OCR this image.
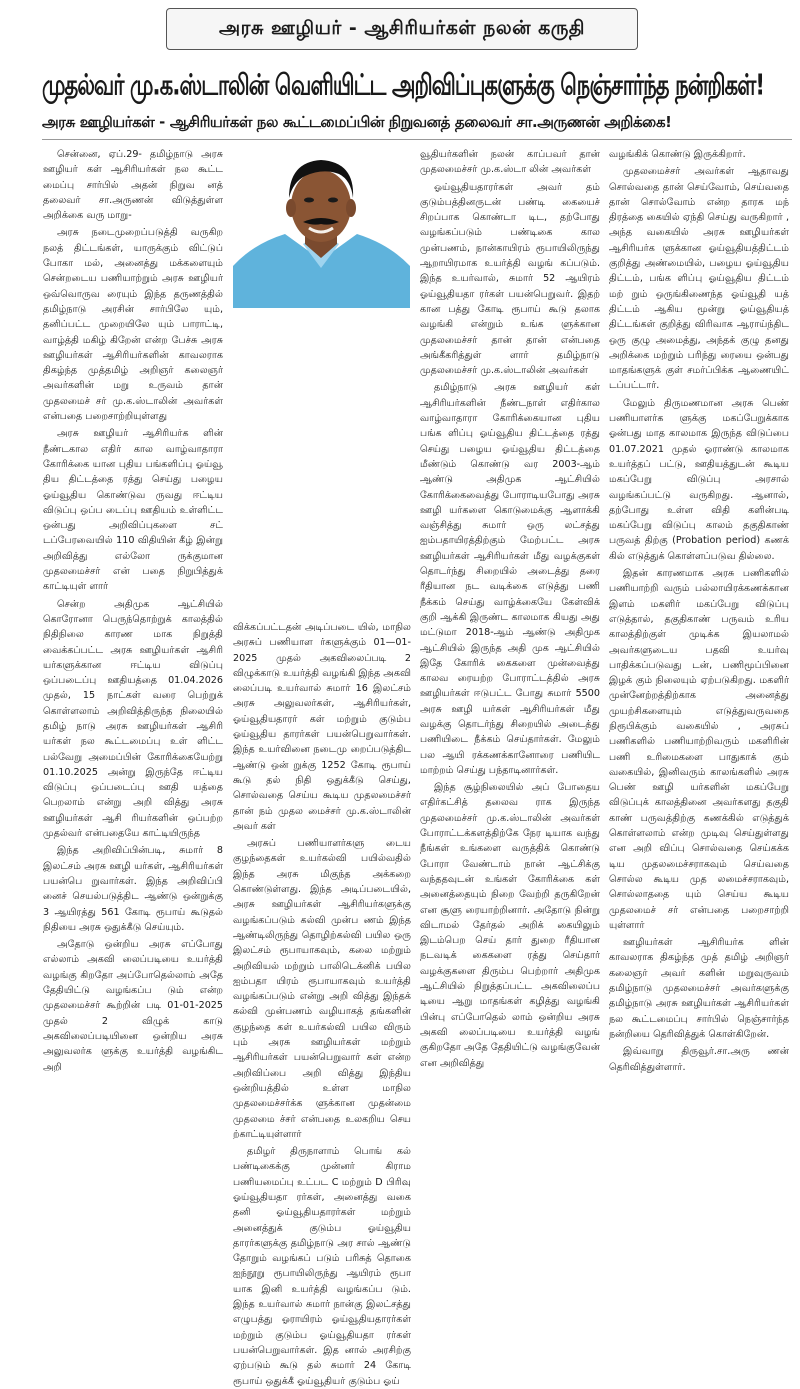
அரசு ஊழியர் - ஆசிரியர்கள் நலன் கருதி
முதல்வர் மு.க.ஸ்டாலின் வெளியிட்ட அறிவிப்புகளுக்கு நெஞ்சார்ந்த நன்றிகள்!
அரசு ஊழியர்கள் - ஆசிரியர்கள் நல கூட்டமைப்பின் நிறுவனத் தலைவர் சா.அருணன் அறிக்கை!

சென்னை, ஏப்.29- தமிழ்நாடு அரசு ஊழியர் கள் ஆசிரியர்கள் நல கூட்ட மைப்பு சார்பில் அதன் நிறுவ னத் தலைவர் சா.அருணன் விடுத்துள்ள அறிக்கை வரு மாறு-

அரசு நடைமுறைப்படுத்தி வருகிற நலத் திட்டங்கள், யாருக்கும் விட்டுப் போகா மல், அனைத்து மக்களையும் சென்றடைய பணியாற்றும் அரசு ஊழியர் ஒவ்வொருவ ரையும் இந்த தருணத்தில் தமிழ்நாடு அரசின் சார்பிலே யும், தனிப்பட்ட முறையிலே யும் பாராட்டி, வாழ்த்தி மகிழ் கிறேன் என்ற பேச்சு அரசு ஊழியர்கள் ஆசிரியர்களின் காவலராக திகழ்ந்த முத்தமிழ் அறிஞர் கலைஞர் அவர்களின் மறு உருவம் தான் முதலமைச் சர் மு.க.ஸ்டாலின் அவர்கள் என்பதை பறைசாற்றியுள்ளது

அரசு ஊழியர் ஆசிரியர்க ளின் நீண்டகால எதிர் கால வாழ்வாதாரா கோரிக்கை யான புதிய பங்களிப்பு ஓய்வூ திய திட்டத்தை ரத்து செய்து பழைய ஓய்வூதிய கொண்டுவ ருவது ஈட்டிய விடுப்பு ஒப்ப டைப்பு ஊதியம் உள்ளிட்ட ஒன்பது அறிவிப்புகளை சட் டப்பேரவையில் 110 விதியின் கீழ் இன்று அறிவித்து எல்லோ ருக்குமான முதலமைச்சர் என் பதை நிறுபித்துக் காட்டியுள் ளார்

சென்ற அதிமுக ஆட்சியில் கொரோனா பெருந்தொற்றுக் காலத்தில் நிதிநிலை காரண மாக நிறுத்தி வைக்கப்பட்ட அரசு ஊழியர்கள் ஆசிரி யர்களுக்கான ஈட்டிய விடுப்பு ஒப்படைப்பு ஊதியத்தை 01.04.2026 முதல், 15 நாட்கள் வரை பெற்றுக் கொள்ளலாம் அறிவித்திருந்த நிலையில் தமிழ் நாடு அரசு ஊழியர்கள் ஆசிரி யர்கள் நல கூட்டமைப்பு உள் ளிட்ட பல்வேறு அமைப்பின் கோரிக்கையேற்று 01.10.2025 அன்று இருந்தே ஈட்டிய விடுப்பு ஒப்படைப்பு ஊதி யத்தை பெறலாம் என்று அறி வித்து அரசு ஊழியர்கள் ஆசி ரியர்களின் ஒப்பற்ற முதல்வர் என்பதையே காட்டியிருந்த

இந்த அறிவிப்பின்படி, சுமார் 8 இலட்சம் அரசு ஊழி யர்கள், ஆசிரியர்கள் பயன்பெ றுவார்கள். இந்த அறிவிப்பி னைச் செயல்படுத்திட ஆண்டு ஒன்றுக்கு 3 ஆயிரத்து 561 கோடி ரூபாய் கூடுதல் நிதியை அரசு ஒதுக்கீடு செய்யும்.

அதோடு ஒன்றிய அரசு எப்போது எல்லாம் அகவி லைப்படியை உயர்த்தி வழங்கு கிறதோ அப்போதெல்லாம் அதே தேதியிட்டு வழங்கப்ப டும் என்ற முதலமைச்சர் கூற்றின் படி 01-01-2025 முதல் 2 விழுக் காடு அகவிலைப்படியினை ஒன்றிய அரசு அலுவலர்க ளுக்கு உயர்த்தி வழங்கிட அறி

விக்கப்பட்டதன் அடிப்படை யில், மாநில அரசுப் பணியாள ர்களுக்கும் 01—01-2025 முதல் அகவிலைப்படி 2 விழுக்காடு உயர்த்தி வழங்கி இந்த அகவி லைப்படி உயர்வால் சுமார் 16 இலட்சம் அரசு அலுவலர்கள், ஆசிரியர்கள், ஓய்வூதியதாரர் கள் மற்றும் குடும்ப ஓய்வூதிய தாரர்கள் பயன்பெறுவார்கள். இந்த உயர்வினை நடைமு றைப்படுத்திட ஆண்டு ஒன் றுக்கு 1252 கோடி ரூபாய் கூடு தல் நிதி ஒதுக்கீடு செய்து, சொல்வதை செய்ய கூடிய முதலமைச்சர் தான் நம் முதல மைச்சர் மு.க.ஸ்டாலின் அவர் கள்

அரசுப் பணியாளர்களு டைய குழந்தைகள் உயர்கல்வி பயில்வதில் இந்த அரசு மிகுந்த அக்கறை கொண்டுள்ளது. இந்த அடிப்படையில், அரசு ஊழியர்கள் ஆசிரியர்களுக்கு வழங்கப்படும் கல்வி முன்ப ணம் இந்த ஆண்டிலிருந்து தொழிற்கல்வி பயில ஒரு இலட்சம் ரூபாயாகவும், கலை மற்றும் அறிவியல் மற்றும் பாலிடெக்னிக் பயில ஐம்பதா யிரம் ரூபாயாகவும் உயர்த்தி வழங்கப்படும் என்று அறி வித்து இந்தக் கல்வி முன்பணம் வழியாகத் தங்களின் குழந்தை கள் உயர்கல்வி பயில விரும் பும் அரசு ஊழியர்கள் மற்றும் ஆசிரியர்கள் பயன்பெறுவார் கள் என்ற அறிவிப்பை அறி வித்து இந்திய ஒன்றியத்தில் உள்ள மாநில முதலமைச்சர்க்க ளுக்கான முதன்மை முதலமை ச்சர் என்பதை உலகறிய செய ற்காட்டியுள்ளார்

தமிழர் திருநாளாம் பொங் கல் பண்டிகைக்கு முன்னர் கிராம பணியமைப்பு உட்பட C மற்றும் D பிரிவு ஓய்வூதியதா ரர்கள், அனைத்து வகை தனி ஓய்வூதியதாரர்கள் மற்றும் அனைத்துக் குடும்ப ஓய்வூதிய தாரர்களுக்கு தமிழ்நாடு அர சால் ஆண்டு தோறும் வழங்கப் படும் பரிசுத் தொகை ஐந்நூறு ரூபாயிலிருந்து ஆயிரம் ரூபா யாக இனி உயர்த்தி வழங்கப்ப டும். இந்த உயர்வால் சுமார் நான்கு இலட்சத்து எழுபத்து ஓராயிரம் ஓய்வூதியதாரர்கள் மற்றும் குடும்ப ஓய்வூதியதா ரர்கள் பயன்பெறுவார்கள். இத னால் அரசிற்கு ஏற்படும் கூடு தல் சுமார் 24 கோடி ரூபாய் ஒதுக்கீ ஓய்வூதியர் குடும்ப ஓய்

வூதியர்களின் நலன் காப்பவர் தான் முதலமைச்சர் மு.க.ஸ்டா லின் அவர்கள்

ஓய்வூதியதாரர்கள் அவர் தம் குடும்பத்தினருடன் பண்டி கையைச் சிறப்பாக கொண்டா டிட, தற்போது வழங்கப்படும் பண்டிகை கால முன்பணம், நான்காயிரம் ரூபாயிலிருந்து ஆறாயிரமாக உயர்த்தி வழங் கப்படும். இந்த உயர்வால், சுமார் 52 ஆயிரம் ஓய்வூதியதா ரர்கள் பயன்பெறுவர். இதற் கான பத்து கோடி ரூபாய் கூடு தலாக வழங்கி என்றும் உங்க ளுக்கான முதலமைச்சர் தான் தான் என்பதை அங்கீகரித்துள் ளார் தமிழ்நாடு முதலமைச்சர் மு.க.ஸ்டாலின் அவர்கள்

தமிழ்நாடு அரசு ஊழியர் கள் ஆசிரியர்களின் நீண்டநாள் எதிர்கால வாழ்வாதாரா கோரிக்கையான புதிய பங்க ளிப்பு ஓய்வூதிய திட்டத்தை ரத்து செய்து பழைய ஓய்வூதிய திட்டத்தை மீண்டும் கொண்டு வர 2003-ஆம் ஆண்டு அதிமுக ஆட்சியில் கோரிக்கைவைத்து போராடியபோது அரசு ஊழி யர்களை கொடுமைக்கு ஆளாக்கி வஞ்சித்து சுமார் ஒரு லட்சத்து ஐம்பதாயிரத்திற்கும் மேற்பட்ட அரசு ஊழியர்கள் ஆசிரியர்கள் மீது வழக்குகள் தொடர்ந்து சிறையில் அடைத்து தரை ரீதியான நட வடிக்கை எடுத்து பணி நீக்கம் செய்து வாழ்க்கையே கேள்விக் குறி ஆக்கி இருண்ட காலமாக கியது அது மட்டுமா 2018-ஆம் ஆண்டு அதிமுக ஆட்சியில் இருந்த அதி முக ஆட்சியில் இதே கோரிக் கைகளை முன்வைத்து காலவ ரையற்ற போராட்டத்தில் அரசு ஊழியர்கள் ஈடுபட்ட போது சுமார் 5500 அரசு ஊழி யர்கள் ஆசிரியர்கள் மீது வழக்கு தொடர்ந்து சிறையில் அடைத்து பணியிடை நீக்கம் செய்தார்கள். மேலும் பல ஆயி ரக்கணக்கானோரை பணியிட மாற்றம் செய்து பந்தாடினார்கள்.

இந்த சூழ்நிலையில் அப் போதைய எதிர்கட்சித் தலைவ ராக இருந்த முதலமைச்சர் மு.க.ஸ்டாலின் அவர்கள் போராட்டக்களத்திற்கே நேர டியாக வந்து நீங்கள் உங்களை வருத்திக் கொண்டு போரா வேண்டாம் நான் ஆட்சிக்கு வந்ததவுடன் உங்கள் கோரிக்கை கள் அனைத்தையும் நிறை வேற்றி தருகிறேன் என சூளு ரையாற்றினார். அதோடு நின்று விடாமல் தேர்தல் அறிக் கையிலும் இடம்பெற செய் தார் துறை ரீதியான நடவடிக் கைகளை ரத்து செய்தார் வழக்குகளை திரும்ப பெற்றார் அதிமுக ஆட்சியில் நிறுத்தப்பட்ட அகவிலைப்ப டியை ஆறு மாதங்கள் கழித்து வழங்கி பின்பு எப்போதெல் லாம் ஒன்றிய அரசு அகவி லைப்படியை உயர்த்தி வழங் குகிறதோ அதே தேதியிட்டு வழங்குவேன் என அறிவித்து

வழங்கிக் கொண்டு இருக்கிறார்.

முதலமைச்சர் அவர்கள் ஆதாவது சொல்வதை தான் செய்வோம், செய்வதை தான் சொல்வோம் என்ற தாரக மந் திரத்தை கையில் ஏந்தி செய்து வருகிறார் , அந்த வகையில் அரசு ஊழியர்கள் ஆசிரியர்க ளுக்கான ஓய்வூதியத்திட்டம் குறித்து அண்மையில், பழைய ஓய்வூதிய திட்டம், பங்க ளிப்பு ஓய்வூதிய திட்டம் மற் றும் ஒருங்கிணைந்த ஓய்வூதி யத் திட்டம் ஆகிய மூன்று ஓய்வூதியத் திட்டங்கள் குறித்து விரிவாக ஆராய்ந்திட ஒரு குழு அமைத்து, அந்தக் குழு தனது அறிக்கை மற்றும் பரிந்து ரையை ஒன்பது மாதங்களுக் குள் சமர்ப்பிக்க ஆணையிட் டப்பட்டார்.

மேலும் திருமணமான அரசு பெண் பணியாளர்க ளுக்கு மகப்பேறுக்காக ஓன்பது மாத காலமாக இருந்த விடுப்பை 01.07.2021 முதல் ஓராண்டு காலமாக உயர்த்தப் பட்டு, ஊதியத்துடன் கூடிய மகப்பேறு விடுப்பு அரசால் வழங்கப்பட்டு வருகிறது. ஆனால், தற்போது உள்ள விதி களின்படி மகப்பேறு விடுப்பு காலம் தகுதிகாண் பருவத் திற்கு (Probation period) கணக் கில் எடுத்துக் கொள்ளப்படுவ தில்லை.

இதன் காரணமாக அரசு பணிகளில் பணியாற்றி வரும் பல்லாயிரக்கணக்கான இளம் மகளிர் மகப்பேறு விடுப்பு எடுத்தால், தகுதிகாண் பருவம் உரிய காலத்திற்குள் முடிக்க இயலாமல் அவர்களுடைய பதவி உயர்வு பாதிக்கப்படுவது டன், பணிமூப்பினை இழக் கும் நிலையும் ஏற்படுகிறது. மகளிர் முன்னேற்றத்திற்காக அனைத்து முயற்சிகளையும் எடுத்துவருவதை நிரூபிக்கும் வகையில் , அரசுப் பணிகளில் பணியாற்றிவரும் மகளிரின் பணி உரிமைகளை பாதுகாக் கும் வகையில், இனிவரும் காலங்களில் அரசு பெண் ஊழி யர்களின் மகப்பேறு விடுப்புக் காலத்தினை அவர்களது தகுதி காண் பருவத்திற்கு கணக்கில் எடுத்துக் கொள்ளலாம் என்ற முடிவு செய்துள்ளது என அறி விப்பு சொல்வதை செய்கக்க டிய முதலமைச்சராகவும் செய்வதை சொல்ல கூடிய முத லமைச்சராகவும், சொல்லாததை யும் செய்ய கூடிய முதலமைச் சர் என்பதை பறைசாற்றி யுள்ளார்

ஊழியர்கள் ஆசிரியர்க ளின் காவலராக திகழ்ந்த முத் தமிழ் அறிஞர் கலைஞர் அவர் களின் மறுவுருவம் தமிழ்நாடு முதலமைச்சர் அவர்களுக்கு தமிழ்நாடு அரசு ஊழியர்கள் ஆசிரியர்கள் நல கூட்டமைப்பு சார்பில் நெஞ்சார்ந்த நன்றியை தெரிவித்துக் கொள்கிறேன்.

இவ்வாறு திருவூர்.சா.அரு ணன் தெரிவித்துள்ளார்.
